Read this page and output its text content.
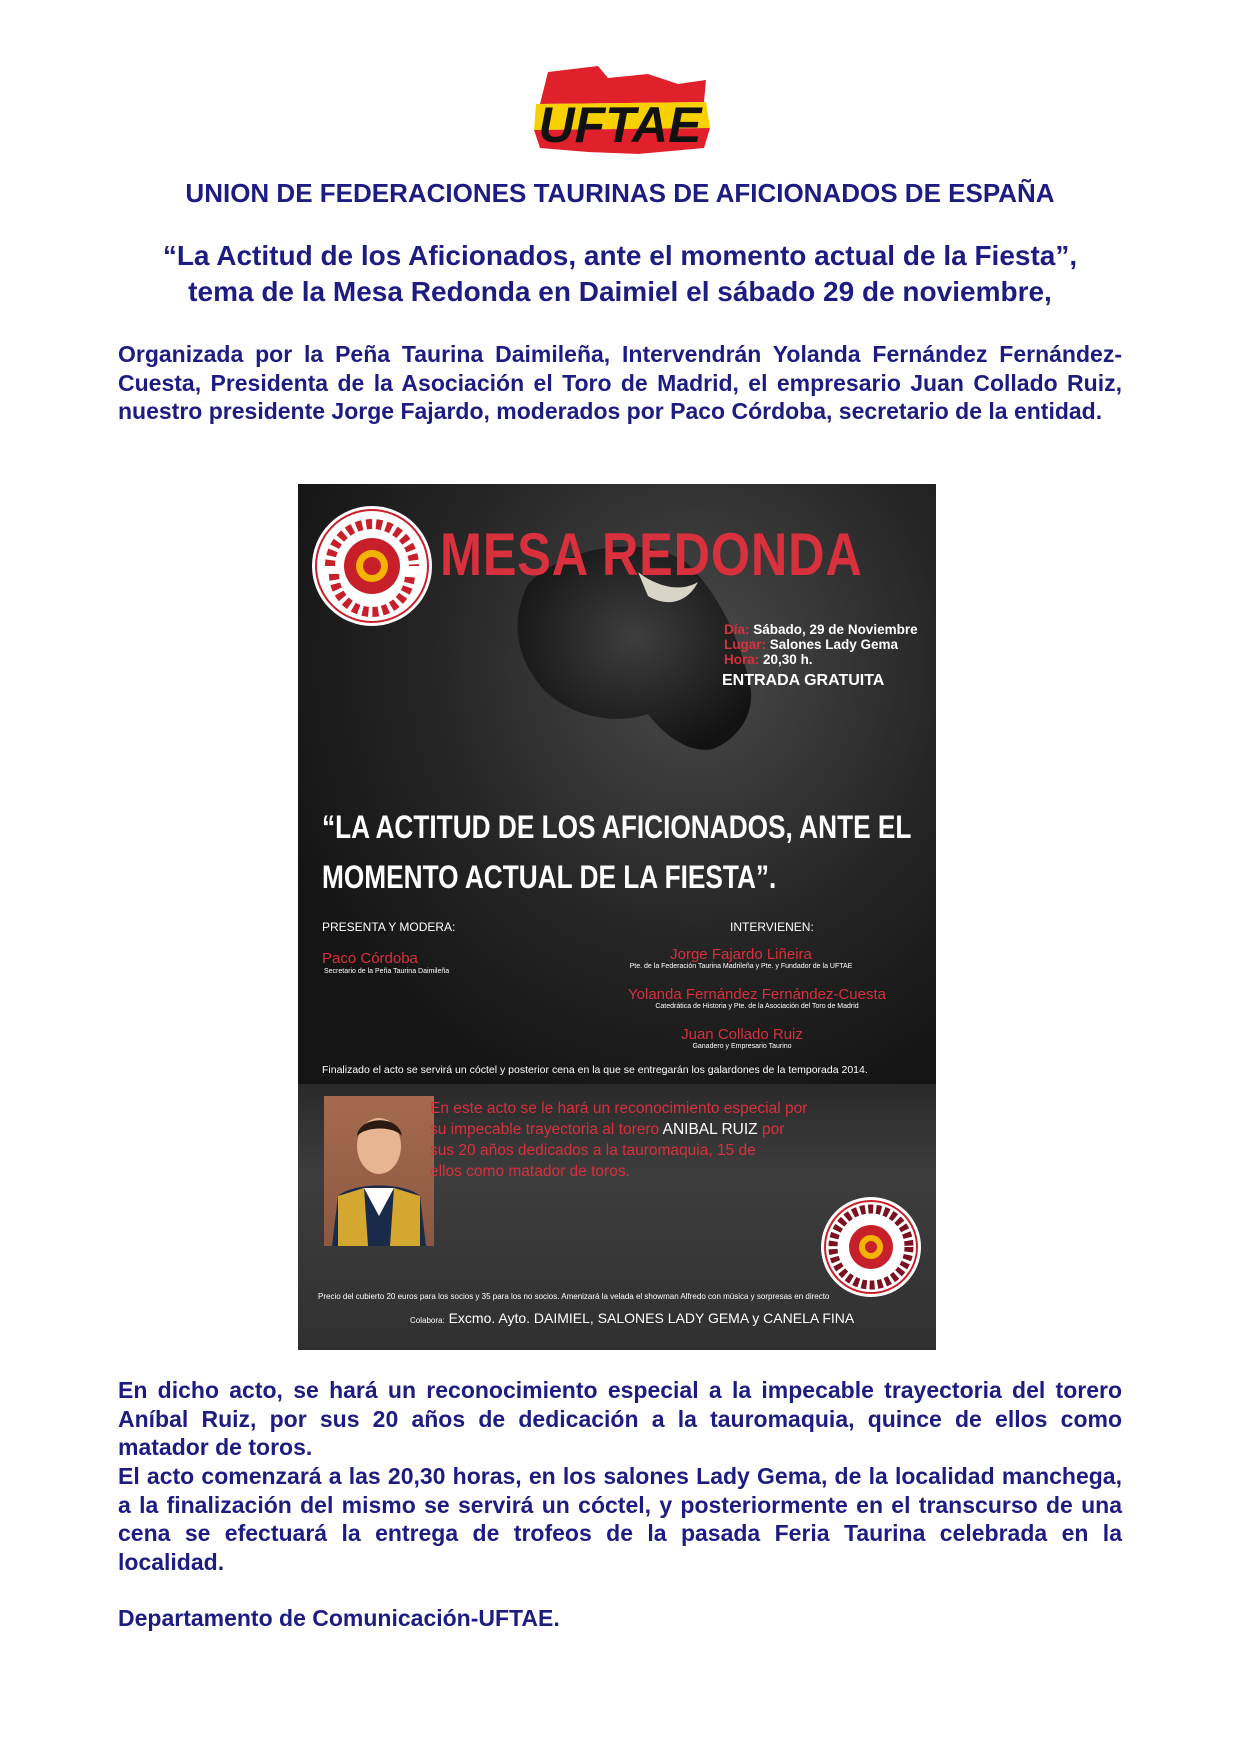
UFTAE
UNION DE FEDERACIONES TAURINAS DE AFICIONADOS DE ESPAÑA
“La Actitud de los Aficionados, ante el momento actual de la Fiesta”,
tema de la Mesa Redonda en Daimiel el sábado 29 de noviembre,
Organizada por la Peña Taurina Daimileña, Intervendrán Yolanda Fernández Fernández-Cuesta, Presidenta de la Asociación el Toro de Madrid, el empresario Juan Collado Ruiz, nuestro presidente Jorge Fajardo, moderados por Paco Córdoba, secretario de la entidad.
MESA REDONDA
Día: Sábado, 29 de Noviembre
Lugar: Salones Lady Gema
Hora: 20,30 h.
ENTRADA GRATUITA
“LA ACTITUD DE LOS AFICIONADOS, ANTE EL
MOMENTO ACTUAL DE LA FIESTA”.
PRESENTA Y MODERA:
Paco Córdoba
Secretario de la Peña Taurina Daimileña
INTERVIENEN:
Jorge Fajardo Liñeira
Pte. de la Federación Taurina Madrileña y Pte. y Fundador de la UFTAE
Yolanda Fernández Fernández-Cuesta
Catedrática de Historia y Pte. de la Asociación del Toro de Madrid
Juan Collado Ruiz
Ganadero y Empresario Taurino
Finalizado el acto se servirá un cóctel y posterior cena en la que se entregarán los galardones de la temporada 2014.
En este acto se le hará un reconocimiento especial por
su impecable trayectoria al torero ANIBAL RUIZ por
sus 20 años dedicados a la tauromaquia, 15 de
ellos como matador de toros.
Precio del cubierto 20 euros para los socios y 35 para los no socios. Amenizará la velada el showman Alfredo con música y sorpresas en directo
Colabora: Excmo. Ayto. DAIMIEL, SALONES LADY GEMA y CANELA FINA
En dicho acto, se hará un reconocimiento especial a la impecable trayectoria del torero Aníbal Ruiz, por sus 20 años de dedicación a la tauromaquia, quince de ellos como matador de toros.
El acto comenzará a las 20,30 horas, en los salones Lady Gema, de la localidad manchega, a la finalización del mismo se servirá un cóctel, y posteriormente en el transcurso de una cena se efectuará la entrega de trofeos de la pasada Feria Taurina celebrada en la localidad.
Departamento de Comunicación-UFTAE.
